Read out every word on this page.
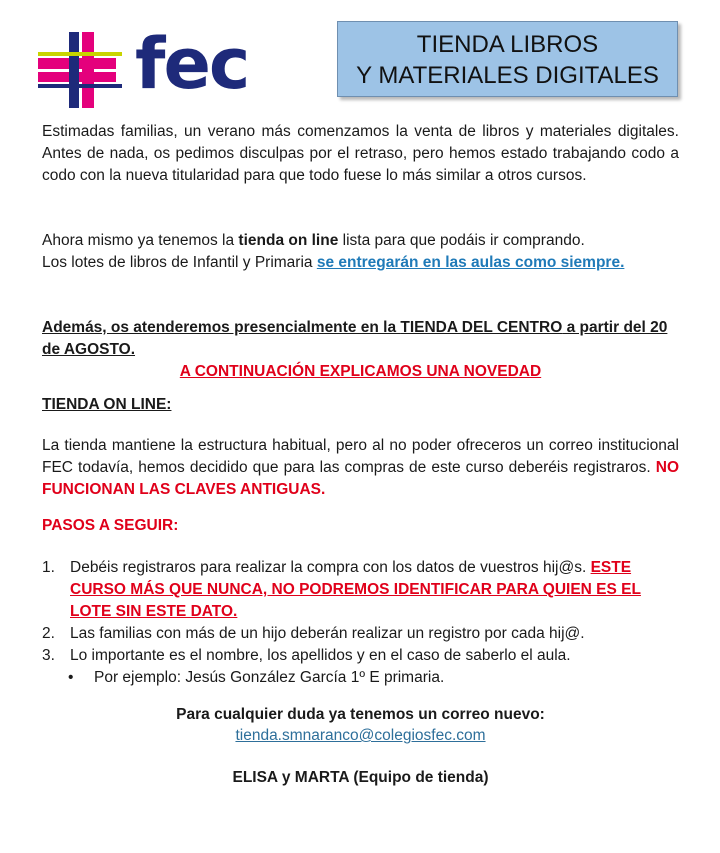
fec	TIENDA LIBROS
Y MATERIALES DIGITALES
Estimadas familias, un verano más comenzamos la venta de libros y materiales digitales. Antes de nada, os pedimos disculpas por el retraso, pero hemos estado trabajando codo a codo con la nueva titularidad para que todo fuese lo más similar a otros cursos.
Ahora mismo ya tenemos la tienda on line lista para que podáis ir comprando.
Los lotes de libros de Infantil y Primaria se entregarán en las aulas como siempre.
Además, os atenderemos presencialmente en la TIENDA DEL CENTRO a partir del 20 de AGOSTO.
A CONTINUACIÓN EXPLICAMOS UNA NOVEDAD
TIENDA ON LINE:
La tienda mantiene la estructura habitual, pero al no poder ofreceros un correo institucional FEC todavía, hemos decidido que para las compras de este curso deberéis registraros. NO FUNCIONAN LAS CLAVES ANTIGUAS.
PASOS A SEGUIR:
1. Debéis registraros para realizar la compra con los datos de vuestros hij@s. ESTE CURSO MÁS QUE NUNCA, NO PODREMOS IDENTIFICAR PARA QUIEN ES EL LOTE SIN ESTE DATO.
2. Las familias con más de un hijo deberán realizar un registro por cada hij@.
3. Lo importante es el nombre, los apellidos y en el caso de saberlo el aula.
• Por ejemplo: Jesús González García 1º E primaria.
Para cualquier duda ya tenemos un correo nuevo:
tienda.smnaranco@colegiosfec.com
ELISA y MARTA (Equipo de tienda)
